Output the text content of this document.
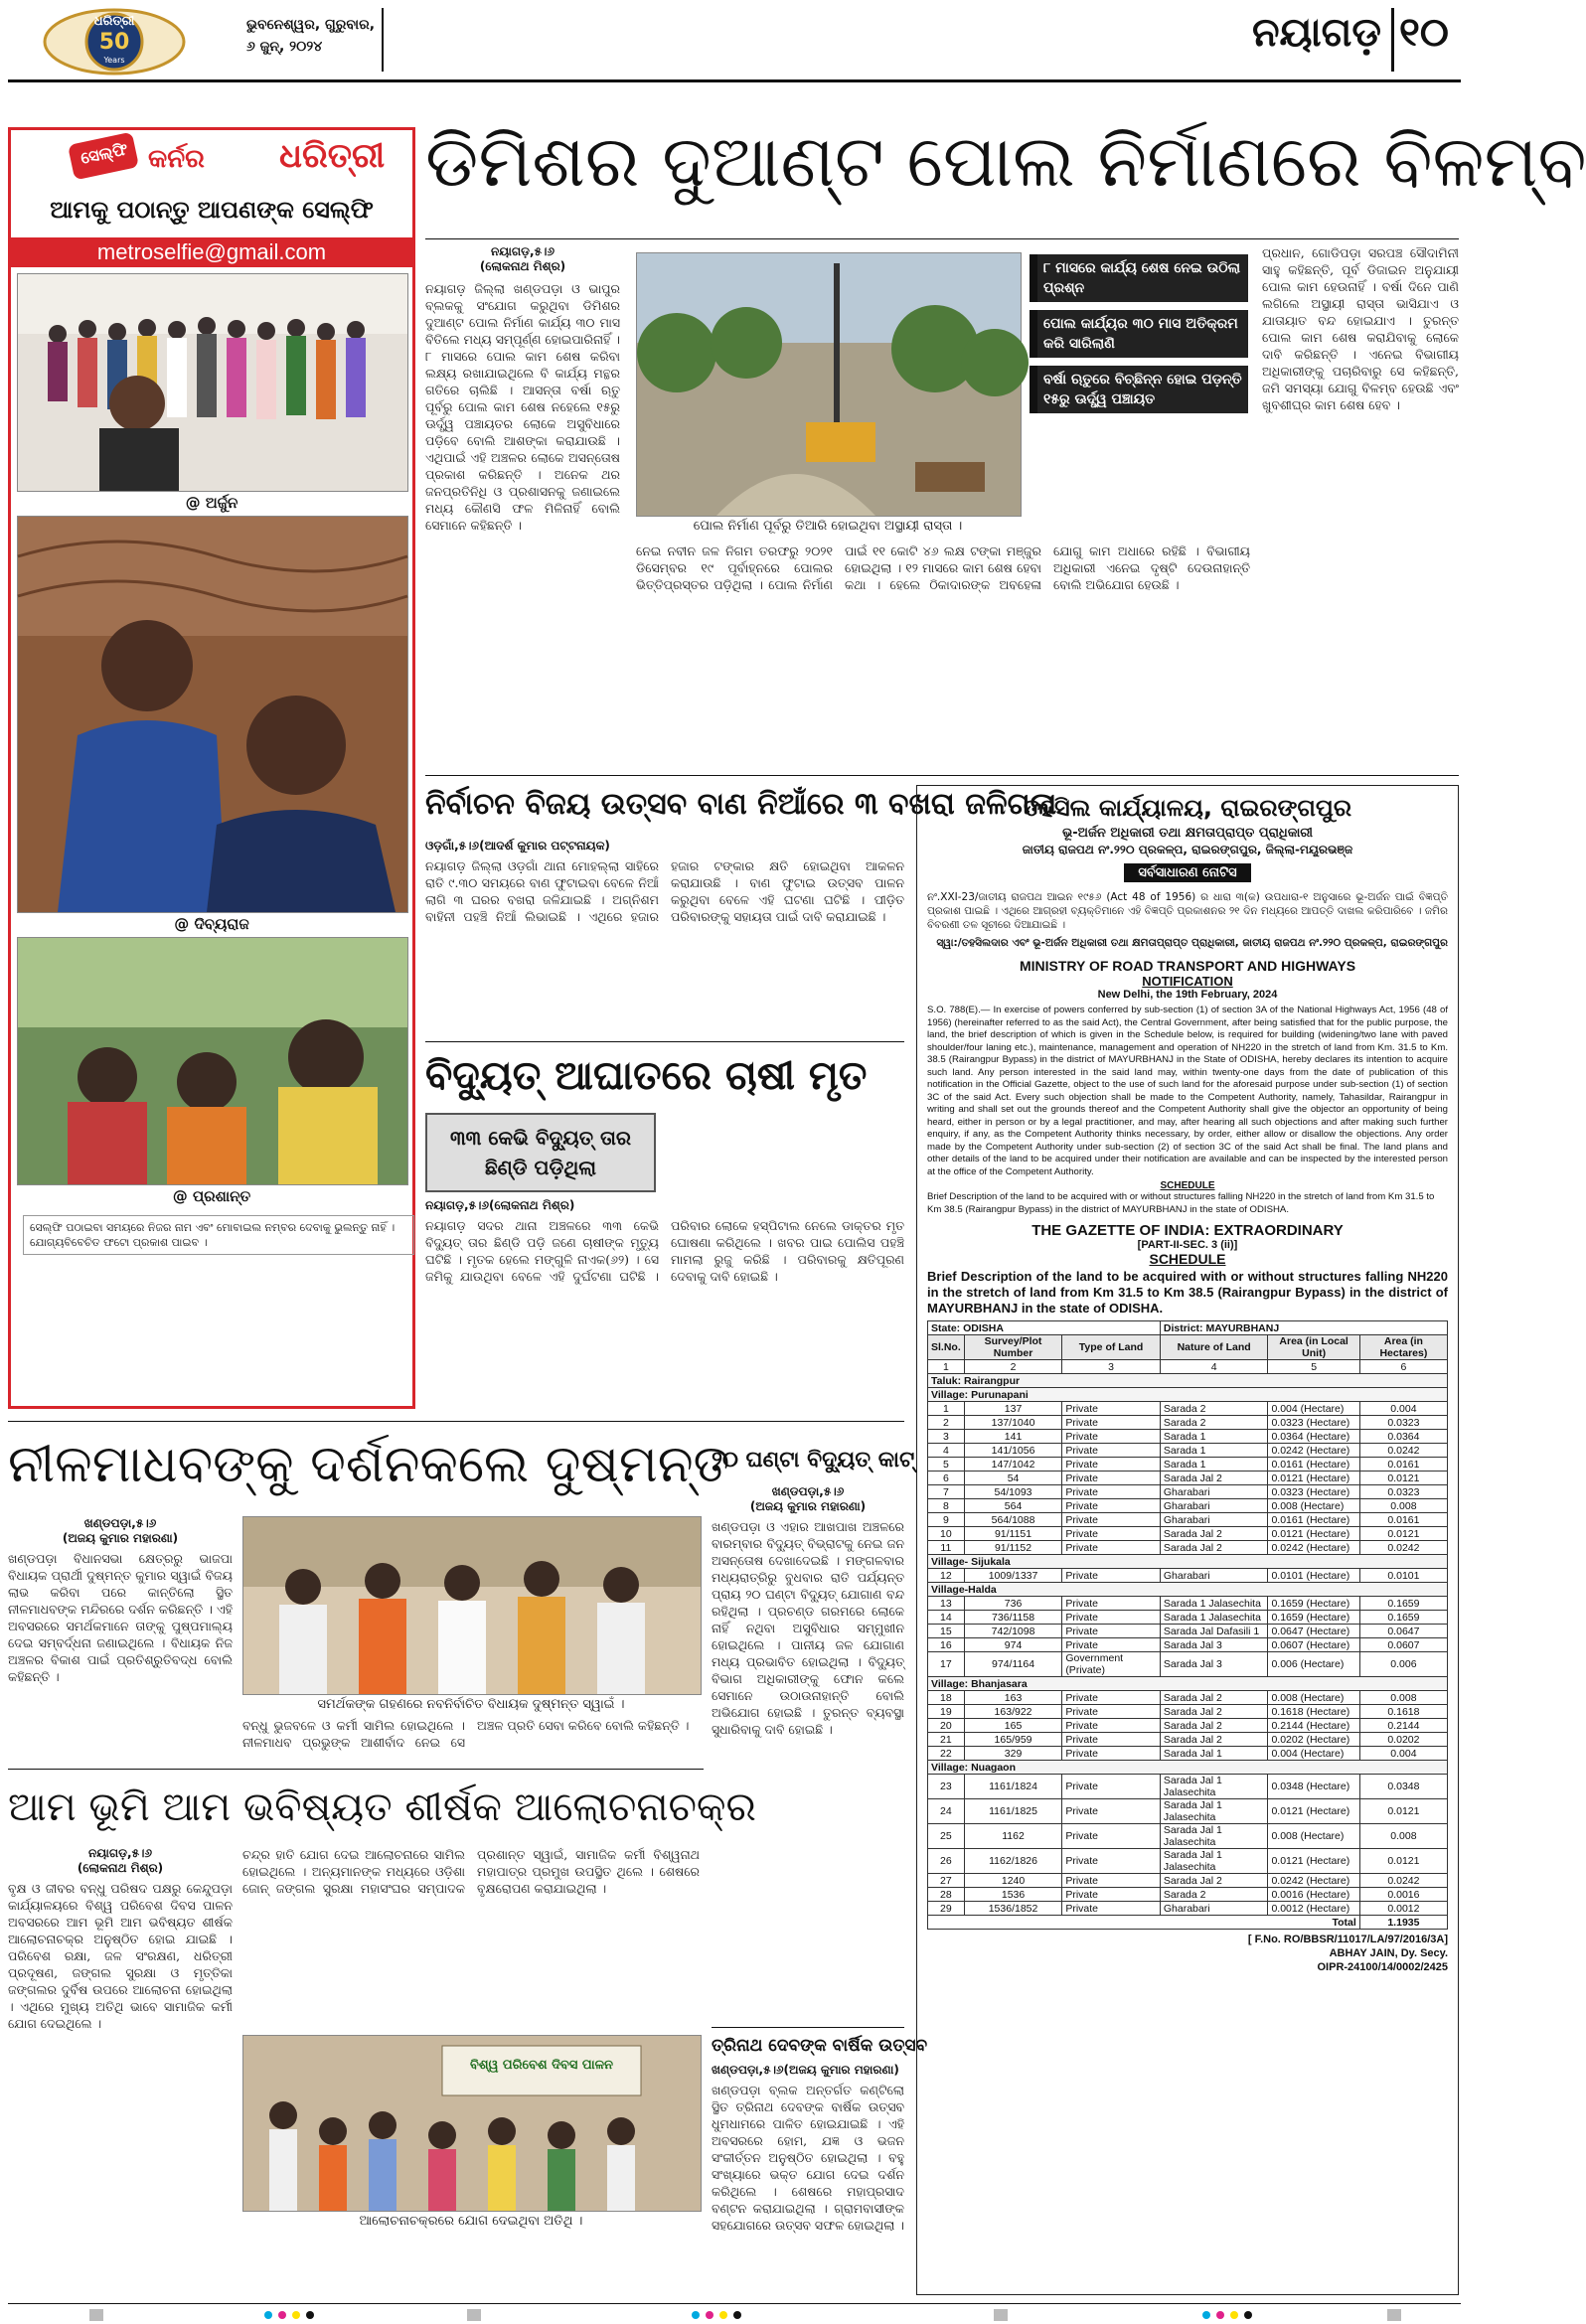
ଧରିତ୍ରୀ
50
Years
ଭୁବନେଶ୍ୱର, ଗୁରୁବାର,
୬ ଜୁନ୍, ୨୦୨୪	ନୟାଗଡ଼ ୧୦
ସେଲ୍ଫି କର୍ନର ଧରିତ୍ରୀ
ଆମକୁ ପଠାନ୍ତୁ ଆପଣଙ୍କ ସେଲ୍ଫି
metroselfie@gmail.com
@ ଅର୍ଜୁନ
@ ଦିବ୍ୟରାଜ
@ ପ୍ରଶାନ୍ତ
ସେଲ୍ଫି ପଠାଇବା ସମୟରେ ନିଜର ନାମ ଏବଂ ମୋବାଇଲ ନମ୍ବର ଦେବାକୁ ଭୁଲନ୍ତୁ ନାହିଁ । ଯୋଗ୍ୟବିବେଚିତ ଫଟୋ ପ୍ରକାଶ ପାଇବ ।
ଡିମିଶର ଦୁଆଣ୍ଟ ପୋଲ ନିର୍ମାଣରେ ବିଳମ୍ବ
ନୟାଗଡ଼,୫।୬
(ଲୋକନାଥ ମିଶ୍ର)
ନୟାଗଡ଼ ଜିଲ୍ଲା ଖଣ୍ଡପଡ଼ା ଓ ଭାପୁର ବ୍ଲକକୁ ସଂଯୋଗ କରୁଥିବା ଡିମିଶର ଦୁଆଣ୍ଟ ପୋଲ ନିର୍ମାଣ କାର୍ଯ୍ୟ ୩୦ ମାସ ବିତିଲେ ମଧ୍ୟ ସମ୍ପୂର୍ଣ୍ଣ ହୋଇପାରିନାହିଁ । ୮ ମାସରେ ପୋଲ କାମ ଶେଷ କରିବା ଲକ୍ଷ୍ୟ ରଖାଯାଇଥିଲେ ବି କାର୍ଯ୍ୟ ମନ୍ଥର ଗତିରେ ଚାଲିଛି । ଆସନ୍ତା ବର୍ଷା ଋତୁ ପୂର୍ବରୁ ପୋଲ କାମ ଶେଷ ନହେଲେ ୧୫ରୁ ଊର୍ଦ୍ଧ୍ୱ ପଞ୍ଚାୟତର ଲୋକେ ଅସୁବିଧାରେ ପଡ଼ିବେ ବୋଲି ଆଶଙ୍କା କରାଯାଉଛି । ଏଥିପାଇଁ ଏହି ଅଞ୍ଚଳର ଲୋକେ ଅସନ୍ତୋଷ ପ୍ରକାଶ କରିଛନ୍ତି । ଅନେକ ଥର ଜନପ୍ରତିନିଧି ଓ ପ୍ରଶାସନକୁ ଜଣାଇଲେ ମଧ୍ୟ କୌଣସି ଫଳ ମିଳିନାହିଁ ବୋଲି ସେମାନେ କହିଛନ୍ତି ।	ପୋଲ ନିର୍ମାଣ ପୂର୍ବରୁ ତିଆରି ହୋଇଥିବା ଅସ୍ଥାୟୀ ରାସ୍ତା ।
୮ ମାସରେ କାର୍ଯ୍ୟ ଶେଷ ନେଇ ଉଠିଲା ପ୍ରଶ୍ନ
ପୋଲ କାର୍ଯ୍ୟର ୩୦ ମାସ ଅତିକ୍ରମ କରି ସାରିଲାଣି
ବର୍ଷା ଋତୁରେ ବିଚ୍ଛିନ୍ନ ହୋଇ ପଡ଼ନ୍ତି ୧୫ରୁ ଊର୍ଦ୍ଧ୍ୱ ପଞ୍ଚାୟତ
ନେଇ ନବୀନ ଜଳ ନିଗମ ତରଫରୁ ୨୦୨୧ ଡିସେମ୍ବର ୧୯ ପୂର୍ବାହ୍ନରେ ପୋଲର ଭିତ୍ତିପ୍ରସ୍ତର ପଡ଼ିଥିଲା । ପୋଲ ନିର୍ମାଣ ପାଇଁ ୧୧ କୋଟି ୪୬ ଲକ୍ଷ ଟଙ୍କା ମଞ୍ଜୁର ହୋଇଥିଲା । ୧୨ ମାସରେ କାମ ଶେଷ ହେବା କଥା । ହେଲେ ଠିକାଦାରଙ୍କ ଅବହେଳା ଯୋଗୁ କାମ ଅଧାରେ ରହିଛି । ବିଭାଗୀୟ ଅଧିକାରୀ ଏନେଇ ଦୃଷ୍ଟି ଦେଉନାହାନ୍ତି ବୋଲି ଅଭିଯୋଗ ହେଉଛି ।
ପ୍ରଧାନ, ଗୋଡିପଡ଼ା ସରପଞ୍ଚ ସୌଦାମିନୀ ସାହୁ କହିଛନ୍ତି, ପୂର୍ବ ଡିଜାଇନ ଅନୁଯାୟୀ ପୋଲ କାମ ହେଉନାହିଁ । ବର୍ଷା ଦିନେ ପାଣି ଲଗିଲେ ଅସ୍ଥାୟୀ ରାସ୍ତା ଭାସିଯାଏ ଓ ଯାତାୟାତ ବନ୍ଦ ହୋଇଯାଏ । ତୁରନ୍ତ ପୋଲ କାମ ଶେଷ କରାଯିବାକୁ ଲୋକେ ଦାବି କରିଛନ୍ତି । ଏନେଇ ବିଭାଗୀୟ ଅଧିକାରୀଙ୍କୁ ପଚାରିବାରୁ ସେ କହିଛନ୍ତି, ଜମି ସମସ୍ୟା ଯୋଗୁ ବିଳମ୍ବ ହେଉଛି ଏବଂ ଖୁବଶୀଘ୍ର କାମ ଶେଷ ହେବ ।
ନିର୍ବାଚନ ବିଜୟ ଉତ୍ସବ ବାଣ ନିଆଁରେ ୩ ବଖରା ଜଳିଗଲା
ଓଡ଼ଗାଁ,୫।୬(ଆଦର୍ଶ କୁମାର ପଟ୍ଟନାୟକ)
ନୟାଗଡ଼ ଜିଲ୍ଲା ଓଡ଼ଗାଁ ଥାନା ମୋହଲ୍ଲା ସାହିରେ ରାତି ୯.୩୦ ସମୟରେ ବାଣ ଫୁଟାଇବା ବେଳେ ନିଆଁ ଲାଗି ୩ ଘରର ବଖରା ଜଳିଯାଇଛି । ଅଗ୍ନିଶମ ବାହିନୀ ପହଞ୍ଚି ନିଆଁ ଲିଭାଇଛି । ଏଥିରେ ହଜାର ହଜାର ଟଙ୍କାର କ୍ଷତି ହୋଇଥିବା ଆକଳନ କରାଯାଉଛି । ବାଣ ଫୁଟାଇ ଉତ୍ସବ ପାଳନ କରୁଥିବା ବେଳେ ଏହି ଘଟଣା ଘଟିଛି । ପୀଡ଼ିତ ପରିବାରଙ୍କୁ ସହାୟତା ପାଇଁ ଦାବି କରାଯାଇଛି ।
ବିଦ୍ୟୁତ୍ ଆଘାତରେ ଚାଷୀ ମୃତ
୩୩ କେଭି ବିଦ୍ୟୁତ୍ ତାର ଛିଣ୍ଡି ପଡ଼ିଥିଲା
ନୟାଗଡ଼,୫।୬(ଲୋକନାଥ ମିଶ୍ର)
ନୟାଗଡ଼ ସଦର ଥାନା ଅଞ୍ଚଳରେ ୩୩ କେଭି ବିଦ୍ୟୁତ୍ ତାର ଛିଣ୍ଡି ପଡ଼ି ଜଣେ ଚାଷୀଙ୍କ ମୃତ୍ୟୁ ଘଟିଛି । ମୃତକ ହେଲେ ମଙ୍ଗୁଳି ନାଏକ(୬୨) । ସେ ଜମିକୁ ଯାଉଥିବା ବେଳେ ଏହି ଦୁର୍ଘଟଣା ଘଟିଛି । ପରିବାର ଲୋକେ ହସ୍ପିଟାଲ ନେଲେ ଡାକ୍ତର ମୃତ ଘୋଷଣା କରିଥିଲେ । ଖବର ପାଇ ପୋଲିସ ପହଞ୍ଚି ମାମଲା ରୁଜୁ କରିଛି । ପରିବାରକୁ କ୍ଷତିପୂରଣ ଦେବାକୁ ଦାବି ହୋଇଛି ।
ତହସିଲ କାର୍ଯ୍ୟାଳୟ, ରାଇରଙ୍ଗପୁର
ଭୂ-ଅର୍ଜନ ଅଧିକାରୀ ତଥା କ୍ଷମତାପ୍ରାପ୍ତ ପ୍ରାଧିକାରୀ
ଜାତୀୟ ରାଜପଥ ନଂ.୨୨୦ ପ୍ରକଳ୍ପ, ରାଇରଙ୍ଗପୁର, ଜିଲ୍ଲା-ମୟୂରଭଞ୍ଜ
ସର୍ବସାଧାରଣ ନୋଟିସ
ନଂ.XXI-23/ଜାତୀୟ ରାଜପଥ ଆଇନ ୧୯୫୬ (Act 48 of 1956) ର ଧାରା ୩(କ) ଉପଧାରା-୧ ଅନୁସାରେ ଭୂ-ଅର୍ଜନ ପାଇଁ ବିଜ୍ଞପ୍ତି ପ୍ରକାଶ ପାଇଛି । ଏଥିରେ ଆଗ୍ରହୀ ବ୍ୟକ୍ତିମାନେ ଏହି ବିଜ୍ଞପ୍ତି ପ୍ରକାଶନର ୨୧ ଦିନ ମଧ୍ୟରେ ଆପତ୍ତି ଦାଖଲ କରିପାରିବେ । ଜମିର ବିବରଣୀ ତଳ ସୂଚୀରେ ଦିଆଯାଇଛି ।
ସ୍ୱା:/ତହସିଲଦାର ଏବଂ ଭୂ-ଅର୍ଜନ ଅଧିକାରୀ ତଥା କ୍ଷମତାପ୍ରାପ୍ତ ପ୍ରାଧିକାରୀ, ଜାତୀୟ ରାଜପଥ ନଂ.୨୨୦ ପ୍ରକଳ୍ପ, ରାଇରଙ୍ଗପୁର
MINISTRY OF ROAD TRANSPORT AND HIGHWAYS
NOTIFICATION
New Delhi, the 19th February, 2024
S.O. 788(E).— In exercise of powers conferred by sub-section (1) of section 3A of the National Highways Act, 1956 (48 of 1956) (hereinafter referred to as the said Act), the Central Government, after being satisfied that for the public purpose, the land, the brief description of which is given in the Schedule below, is required for building (widening/two lane with paved shoulder/four laning etc.), maintenance, management and operation of NH220 in the stretch of land from Km. 31.5 to Km. 38.5 (Rairangpur Bypass) in the district of MAYURBHANJ in the State of ODISHA, hereby declares its intention to acquire such land. Any person interested in the said land may, within twenty-one days from the date of publication of this notification in the Official Gazette, object to the use of such land for the aforesaid purpose under sub-section (1) of section 3C of the said Act. Every such objection shall be made to the Competent Authority, namely, Tahasildar, Rairangpur in writing and shall set out the grounds thereof and the Competent Authority shall give the objector an opportunity of being heard, either in person or by a legal practitioner, and may, after hearing all such objections and after making such further enquiry, if any, as the Competent Authority thinks necessary, by order, either allow or disallow the objections. Any order made by the Competent Authority under sub-section (2) of section 3C of the said Act shall be final. The land plans and other details of the land to be acquired under their notification are available and can be inspected by the interested person at the office of the Competent Authority.
SCHEDULE
Brief Description of the land to be acquired with or without structures falling NH220 in the stretch of land from Km 31.5 to Km 38.5 (Rairangpur Bypass) in the district of MAYURBHANJ in the state of ODISHA.
THE GAZETTE OF INDIA: EXTRAORDINARY
[PART-II-SEC. 3 (ii)]
SCHEDULE
Brief Description of the land to be acquired with or without structures falling NH220 in the stretch of land from Km 31.5 to Km 38.5 (Rairangpur Bypass) in the district of MAYURBHANJ in the state of ODISHA.
State: ODISHA			District: MAYURBHANJ		
Sl.No.	Survey/Plot Number	Type of Land	Nature of Land	Area (in Local Unit)	Area (in Hectares)
1	2	3	4	5	6
Taluk: Rairangpur					
Village: Purunapani					
1	137	Private	Sarada 2	0.004 (Hectare)	0.004
2	137/1040	Private	Sarada 2	0.0323 (Hectare)	0.0323
3	141	Private	Sarada 1	0.0364 (Hectare)	0.0364
4	141/1056	Private	Sarada 1	0.0242 (Hectare)	0.0242
5	147/1042	Private	Sarada 1	0.0161 (Hectare)	0.0161
6	54	Private	Sarada Jal 2	0.0121 (Hectare)	0.0121
7	54/1093	Private	Gharabari	0.0323 (Hectare)	0.0323
8	564	Private	Gharabari	0.008 (Hectare)	0.008
9	564/1088	Private	Gharabari	0.0161 (Hectare)	0.0161
10	91/1151	Private	Sarada Jal 2	0.0121 (Hectare)	0.0121
11	91/1152	Private	Sarada Jal 2	0.0242 (Hectare)	0.0242
Village- Sijukala					
12	1009/1337	Private	Gharabari	0.0101 (Hectare)	0.0101
Village-Halda					
13	736	Private	Sarada 1 Jalasechita	0.1659 (Hectare)	0.1659
14	736/1158	Private	Sarada 1 Jalasechita	0.1659 (Hectare)	0.1659
15	742/1098	Private	Sarada Jal Dafasili 1	0.0647 (Hectare)	0.0647
16	974	Private	Sarada Jal 3	0.0607 (Hectare)	0.0607
17	974/1164	Government (Private)	Sarada Jal 3	0.006 (Hectare)	0.006
Village: Bhanjasara					
18	163	Private	Sarada Jal 2	0.008 (Hectare)	0.008
19	163/922	Private	Sarada Jal 2	0.1618 (Hectare)	0.1618
20	165	Private	Sarada Jal 2	0.2144 (Hectare)	0.2144
21	165/959	Private	Sarada Jal 2	0.0202 (Hectare)	0.0202
22	329	Private	Sarada Jal 1	0.004 (Hectare)	0.004
Village: Nuagaon					
23	1161/1824	Private	Sarada Jal 1 Jalasechita	0.0348 (Hectare)	0.0348
24	1161/1825	Private	Sarada Jal 1 Jalasechita	0.0121 (Hectare)	0.0121
25	1162	Private	Sarada Jal 1 Jalasechita	0.008 (Hectare)	0.008
26	1162/1826	Private	Sarada Jal 1 Jalasechita	0.0121 (Hectare)	0.0121
27	1240	Private	Sarada Jal 2	0.0242 (Hectare)	0.0242
28	1536	Private	Sarada 2	0.0016 (Hectare)	0.0016
29	1536/1852	Private	Gharabari	0.0012 (Hectare)	0.0012
Total					1.1935
[ F.No. RO/BBSR/11017/LA/97/2016/3A]
ABHAY JAIN, Dy. Secy.
OIPR-24100/14/0002/2425
ନୀଳମାଧବଙ୍କୁ ଦର୍ଶନକଲେ ଦୁଷ୍ମନ୍ତ
୨୦ ଘଣ୍ଟା ବିଦ୍ୟୁତ୍ କାଟ୍
ଖଣ୍ଡପଡ଼ା,୫।୬
(ଅଜୟ କୁମାର ମହାରଣା)
ଖଣ୍ଡପଡ଼ା ବିଧାନସଭା କ୍ଷେତ୍ରରୁ ଭାଜପା ବିଧାୟକ ପ୍ରାର୍ଥୀ ଦୁଷ୍ମନ୍ତ କୁମାର ସ୍ୱାଇଁ ବିଜୟ ଲାଭ କରିବା ପରେ କାନ୍ତିଲୋ ସ୍ଥିତ ନୀଳମାଧବଙ୍କ ମନ୍ଦିରରେ ଦର୍ଶନ କରିଛନ୍ତି । ଏହି ଅବସରରେ ସମର୍ଥକମାନେ ତାଙ୍କୁ ପୁଷ୍ପମାଲ୍ୟ ଦେଇ ସମ୍ବର୍ଦ୍ଧନା ଜଣାଇଥିଲେ । ବିଧାୟକ ନିଜ ଅଞ୍ଚଳର ବିକାଶ ପାଇଁ ପ୍ରତିଶ୍ରୁତିବଦ୍ଧ ବୋଲି କହିଛନ୍ତି ।
ସମର୍ଥକଙ୍କ ଗହଣରେ ନବନିର୍ବାଚିତ ବିଧାୟକ ଦୁଷ୍ମନ୍ତ ସ୍ୱାଇଁ ।
ବନ୍ଧୁ ଭୁଜବଳେ ଓ କର୍ମୀ ସାମିଲ ହୋଇଥିଲେ । ନୀଳମାଧବ ପ୍ରଭୁଙ୍କ ଆଶୀର୍ବାଦ ନେଇ ସେ ଅଞ୍ଚଳ ପ୍ରତି ସେବା କରିବେ ବୋଲି କହିଛନ୍ତି ।
ଖଣ୍ଡପଡ଼ା,୫।୬
(ଅଜୟ କୁମାର ମହାରଣା)
ଖଣ୍ଡପଡ଼ା ଓ ଏହାର ଆଖପାଖ ଅଞ୍ଚଳରେ ବାରମ୍ବାର ବିଦ୍ୟୁତ୍ ବିଭ୍ରାଟକୁ ନେଇ ଜନ ଅସନ୍ତୋଷ ଦେଖାଦେଇଛି । ମଙ୍ଗଳବାର ମଧ୍ୟରାତ୍ରିରୁ ବୁଧବାର ରାତି ପର୍ଯ୍ୟନ୍ତ ପ୍ରାୟ ୨୦ ଘଣ୍ଟା ବିଦ୍ୟୁତ୍ ଯୋଗାଣ ବନ୍ଦ ରହିଥିଲା । ପ୍ରଚଣ୍ଡ ଗରମରେ ଲୋକେ ନାହିଁ ନଥିବା ଅସୁବିଧାର ସମ୍ମୁଖୀନ ହୋଇଥିଲେ । ପାନୀୟ ଜଳ ଯୋଗାଣ ମଧ୍ୟ ପ୍ରଭାବିତ ହୋଇଥିଲା । ବିଦ୍ୟୁତ୍ ବିଭାଗ ଅଧିକାରୀଙ୍କୁ ଫୋନ କଲେ ସେମାନେ ଉଠାଉନାହାନ୍ତି ବୋଲି ଅଭିଯୋଗ ହୋଇଛି । ତୁରନ୍ତ ବ୍ୟବସ୍ଥା ସୁଧାରିବାକୁ ଦାବି ହୋଇଛି ।
ଆମ ଭୂମି ଆମ ଭବିଷ୍ୟତ ଶୀର୍ଷକ ଆଲୋଚନାଚକ୍ର
ନୟାଗଡ଼,୫।୬
(ଲୋକନାଥ ମିଶ୍ର)
ବୃକ୍ଷ ଓ ଜୀବର ବନ୍ଧୁ ପରିଷଦ ପକ୍ଷରୁ କେନ୍ଦୁପଡ଼ା କାର୍ଯ୍ୟାଳୟରେ ବିଶ୍ୱ ପରିବେଶ ଦିବସ ପାଳନ ଅବସରରେ ଆମ ଭୂମି ଆମ ଭବିଷ୍ୟତ ଶୀର୍ଷକ ଆଲୋଚନାଚକ୍ର ଅନୁଷ୍ଠିତ ହୋଇ ଯାଇଛି । ପରିବେଶ ରକ୍ଷା, ଜଳ ସଂରକ୍ଷଣ, ଧରିତ୍ରୀ ପ୍ରଦୂଷଣ, ଜଙ୍ଗଲ ସୁରକ୍ଷା ଓ ମୃତ୍ତିକା ଜଙ୍ଗଲର ଦୁର୍ବିଷ ଉପରେ ଆଲୋଚନା ହୋଇଥିଲା । ଏଥିରେ ମୁଖ୍ୟ ଅତିଥି ଭାବେ ସାମାଜିକ କର୍ମୀ ଯୋଗ ଦେଇଥିଲେ ।
ଚନ୍ଦ୍ର ହାତି ଯୋଗ ଦେଇ ଆଲୋଚନାରେ ସାମିଲ ହୋଇଥିଲେ । ଅନ୍ୟମାନଙ୍କ ମଧ୍ୟରେ ଓଡ଼ିଶା ଜୋନ୍ ଜଙ୍ଗଲ ସୁରକ୍ଷା ମହାସଂଘର ସମ୍ପାଦକ ପ୍ରଶାନ୍ତ ସ୍ୱାଇଁ, ସାମାଜିକ କର୍ମୀ ବିଶ୍ୱନାଥ ମହାପାତ୍ର ପ୍ରମୁଖ ଉପସ୍ଥିତ ଥିଲେ । ଶେଷରେ ବୃକ୍ଷରୋପଣ କରାଯାଇଥିଲା ।
ବିଶ୍ୱ ପରିବେଶ ଦିବସ ପାଳନ
ଆଲୋଚନାଚକ୍ରରେ ଯୋଗ ଦେଇଥିବା ଅତିଥି ।
ତ୍ରିନାଥ ଦେବଙ୍କ ବାର୍ଷିକ ଉତ୍ସବ
ଖଣ୍ଡପଡ଼ା,୫।୬(ଅଜୟ କୁମାର ମହାରଣା)
ଖଣ୍ଡପଡ଼ା ବ୍ଲକ ଅନ୍ତର୍ଗତ କଣ୍ଟିଲୋ ସ୍ଥିତ ତ୍ରିନାଥ ଦେବଙ୍କ ବାର୍ଷିକ ଉତ୍ସବ ଧୁମଧାମରେ ପାଳିତ ହୋଇଯାଇଛି । ଏହି ଅବସରରେ ହୋମ, ଯଜ୍ଞ ଓ ଭଜନ ସଂକୀର୍ତ୍ତନ ଅନୁଷ୍ଠିତ ହୋଇଥିଲା । ବହୁ ସଂଖ୍ୟାରେ ଭକ୍ତ ଯୋଗ ଦେଇ ଦର୍ଶନ କରିଥିଲେ । ଶେଷରେ ମହାପ୍ରସାଦ ବଣ୍ଟନ କରାଯାଇଥିଲା । ଗ୍ରାମବାସୀଙ୍କ ସହଯୋଗରେ ଉତ୍ସବ ସଫଳ ହୋଇଥିଲା ।
